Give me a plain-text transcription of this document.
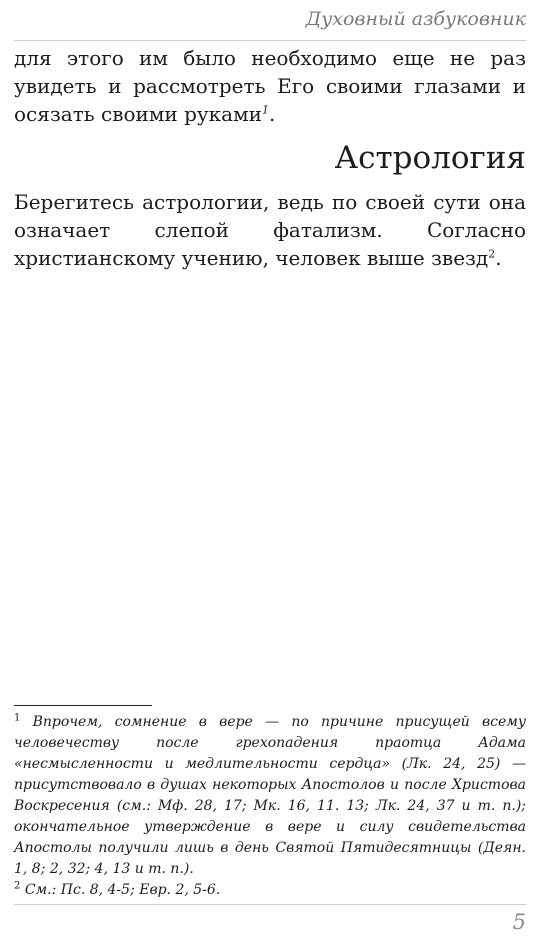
Духовный азбуковник

для этого им было необходимо еще не раз увидеть и рассмотреть Его своими глазами и осязать своими руками$^1$.

Астрология

Берегитесь астрологии, ведь по своей сути она означает слепой фатализм. Согласно христианскому учению, человек выше звезд$^2$.

$^1$ Впрочем, сомнение в вере — по причине присущей всему человечеству после грехопадения праотца Адама «несмысленности и медлительности сердца» (Лк. 24, 25) — присутствовало в душах некоторых Апостолов и после Христова Воскресения (см.: Мф. 28, 17; Мк. 16, 11. 13; Лк. 24, 37 и т. п.); окончательное утверждение в вере и силу свидетельства Апостолы получили лишь в день Святой Пятидесятницы (Деян. 1, 8; 2, 32; 4, 13 и т. п.).

$^2$ См.: Пс. 8, 4-5; Евр. 2, 5-6.

5
